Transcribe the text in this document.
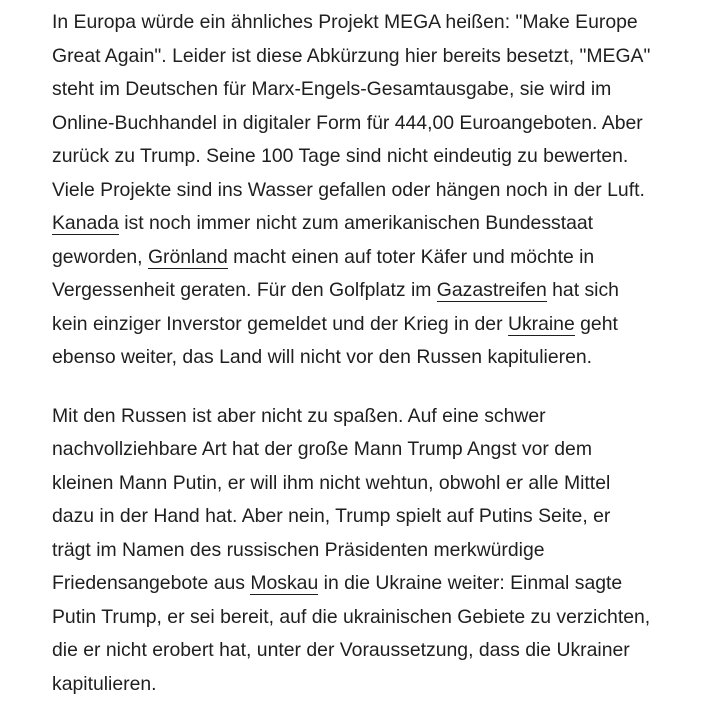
In Europa würde ein ähnliches Projekt MEGA heißen: "Make Europe
Great Again". Leider ist diese Abkürzung hier bereits besetzt, "MEGA"
steht im Deutschen für Marx-Engels-Gesamtausgabe, sie wird im
Online-Buchhandel in digitaler Form für 444,00 Euroangeboten. Aber
zurück zu Trump. Seine 100 Tage sind nicht eindeutig zu bewerten.
Viele Projekte sind ins Wasser gefallen oder hängen noch in der Luft.
Kanada ist noch immer nicht zum amerikanischen Bundesstaat
geworden, Grönland macht einen auf toter Käfer und möchte in
Vergessenheit geraten. Für den Golfplatz im Gazastreifen hat sich
kein einziger Inverstor gemeldet und der Krieg in der Ukraine geht
ebenso weiter, das Land will nicht vor den Russen kapitulieren.

Mit den Russen ist aber nicht zu spaßen. Auf eine schwer
nachvollziehbare Art hat der große Mann Trump Angst vor dem
kleinen Mann Putin, er will ihm nicht wehtun, obwohl er alle Mittel
dazu in der Hand hat. Aber nein, Trump spielt auf Putins Seite, er
trägt im Namen des russischen Präsidenten merkwürdige
Friedensangebote aus Moskau in die Ukraine weiter: Einmal sagte
Putin Trump, er sei bereit, auf die ukrainischen Gebiete zu verzichten,
die er nicht erobert hat, unter der Voraussetzung, dass die Ukrainer
kapitulieren.
